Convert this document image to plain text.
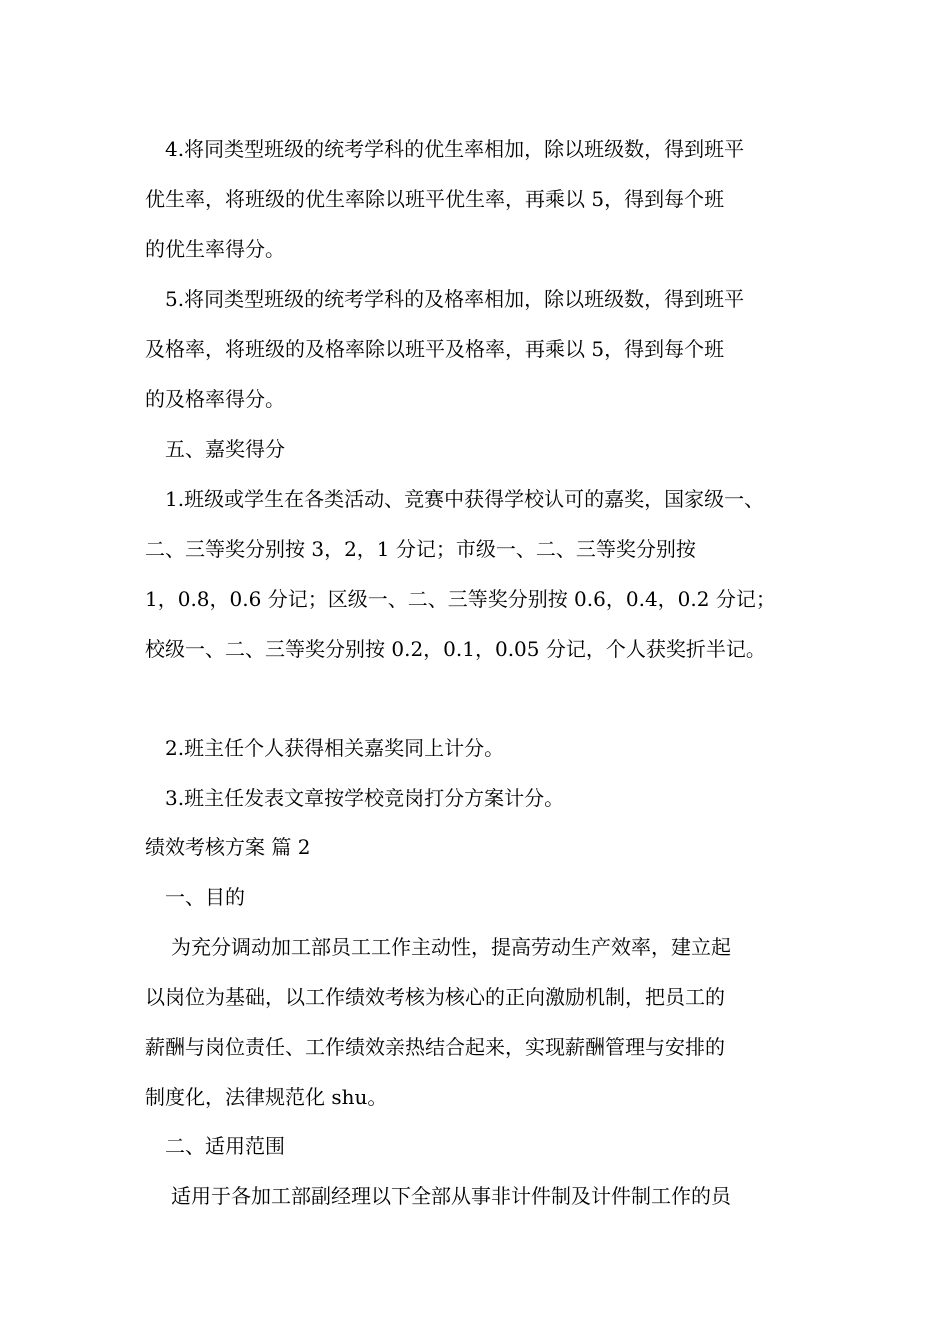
4.将同类型班级的统考学科的优生率相加，除以班级数，得到班平
优生率，将班级的优生率除以班平优生率，再乘以 5，得到每个班
的优生率得分。
5.将同类型班级的统考学科的及格率相加，除以班级数，得到班平
及格率，将班级的及格率除以班平及格率，再乘以 5，得到每个班
的及格率得分。
五、嘉奖得分
1.班级或学生在各类活动、竞赛中获得学校认可的嘉奖，国家级一、
二、三等奖分别按 3，2，1 分记；市级一、二、三等奖分别按
1，0.8，0.6 分记；区级一、二、三等奖分别按 0.6，0.4，0.2 分记；
校级一、二、三等奖分别按 0.2，0.1，0.05 分记，个人获奖折半记。
2.班主任个人获得相关嘉奖同上计分。
3.班主任发表文章按学校竞岗打分方案计分。
绩效考核方案 篇 2
一、目的
为充分调动加工部员工工作主动性，提高劳动生产效率，建立起
以岗位为基础，以工作绩效考核为核心的正向激励机制，把员工的
薪酬与岗位责任、工作绩效亲热结合起来，实现薪酬管理与安排的
制度化，法律规范化 shu。
二、适用范围
适用于各加工部副经理以下全部从事非计件制及计件制工作的员
